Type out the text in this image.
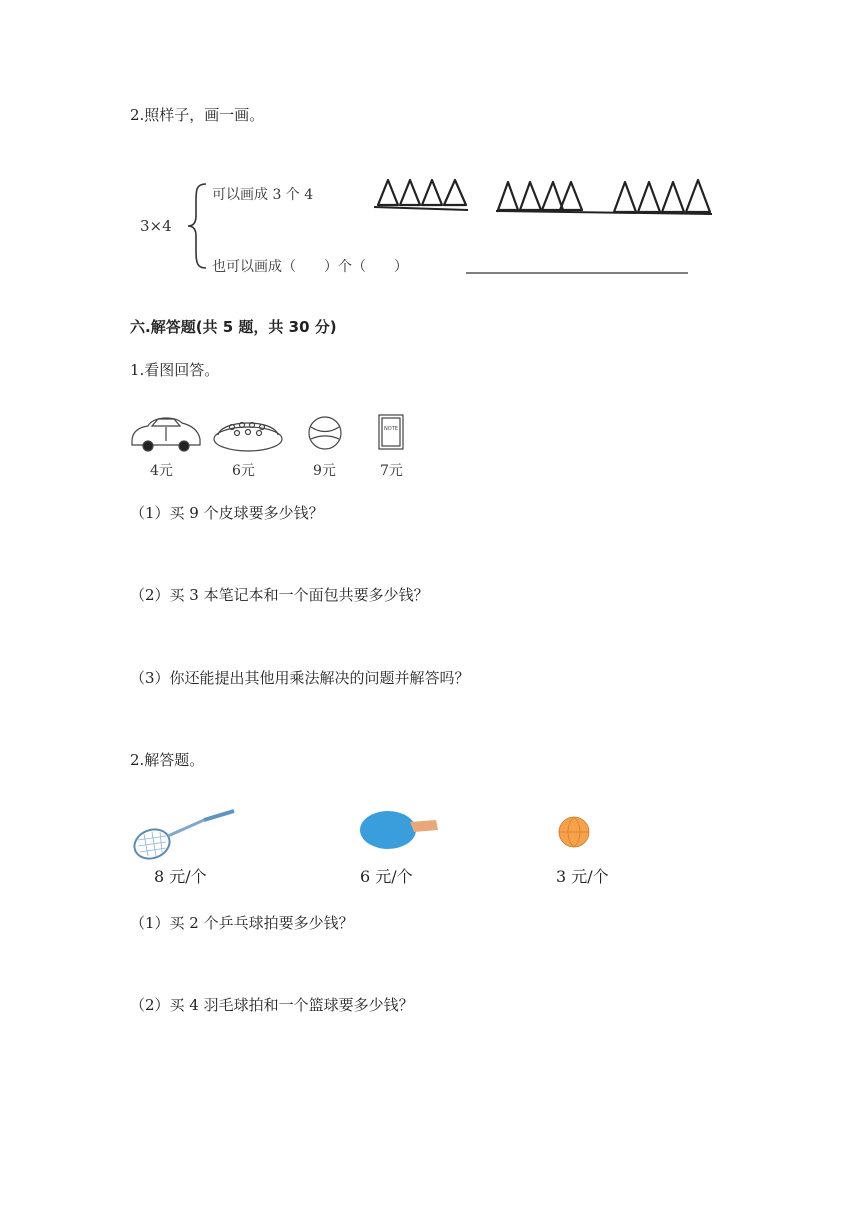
2.照样子，画一画。
3×4
可以画成 3 个 4
也可以画成（　　）个（　　）
六.解答题(共 5 题，共 30 分)
1.看图回答。
NOTE
4元	6元	9元	7元
（1）买 9 个皮球要多少钱？
（2）买 3 本笔记本和一个面包共要多少钱？
（3）你还能提出其他用乘法解决的问题并解答吗？
2.解答题。
8 元/个	6 元/个	3 元/个
（1）买 2 个乒乓球拍要多少钱？
（2）买 4 羽毛球拍和一个篮球要多少钱？
